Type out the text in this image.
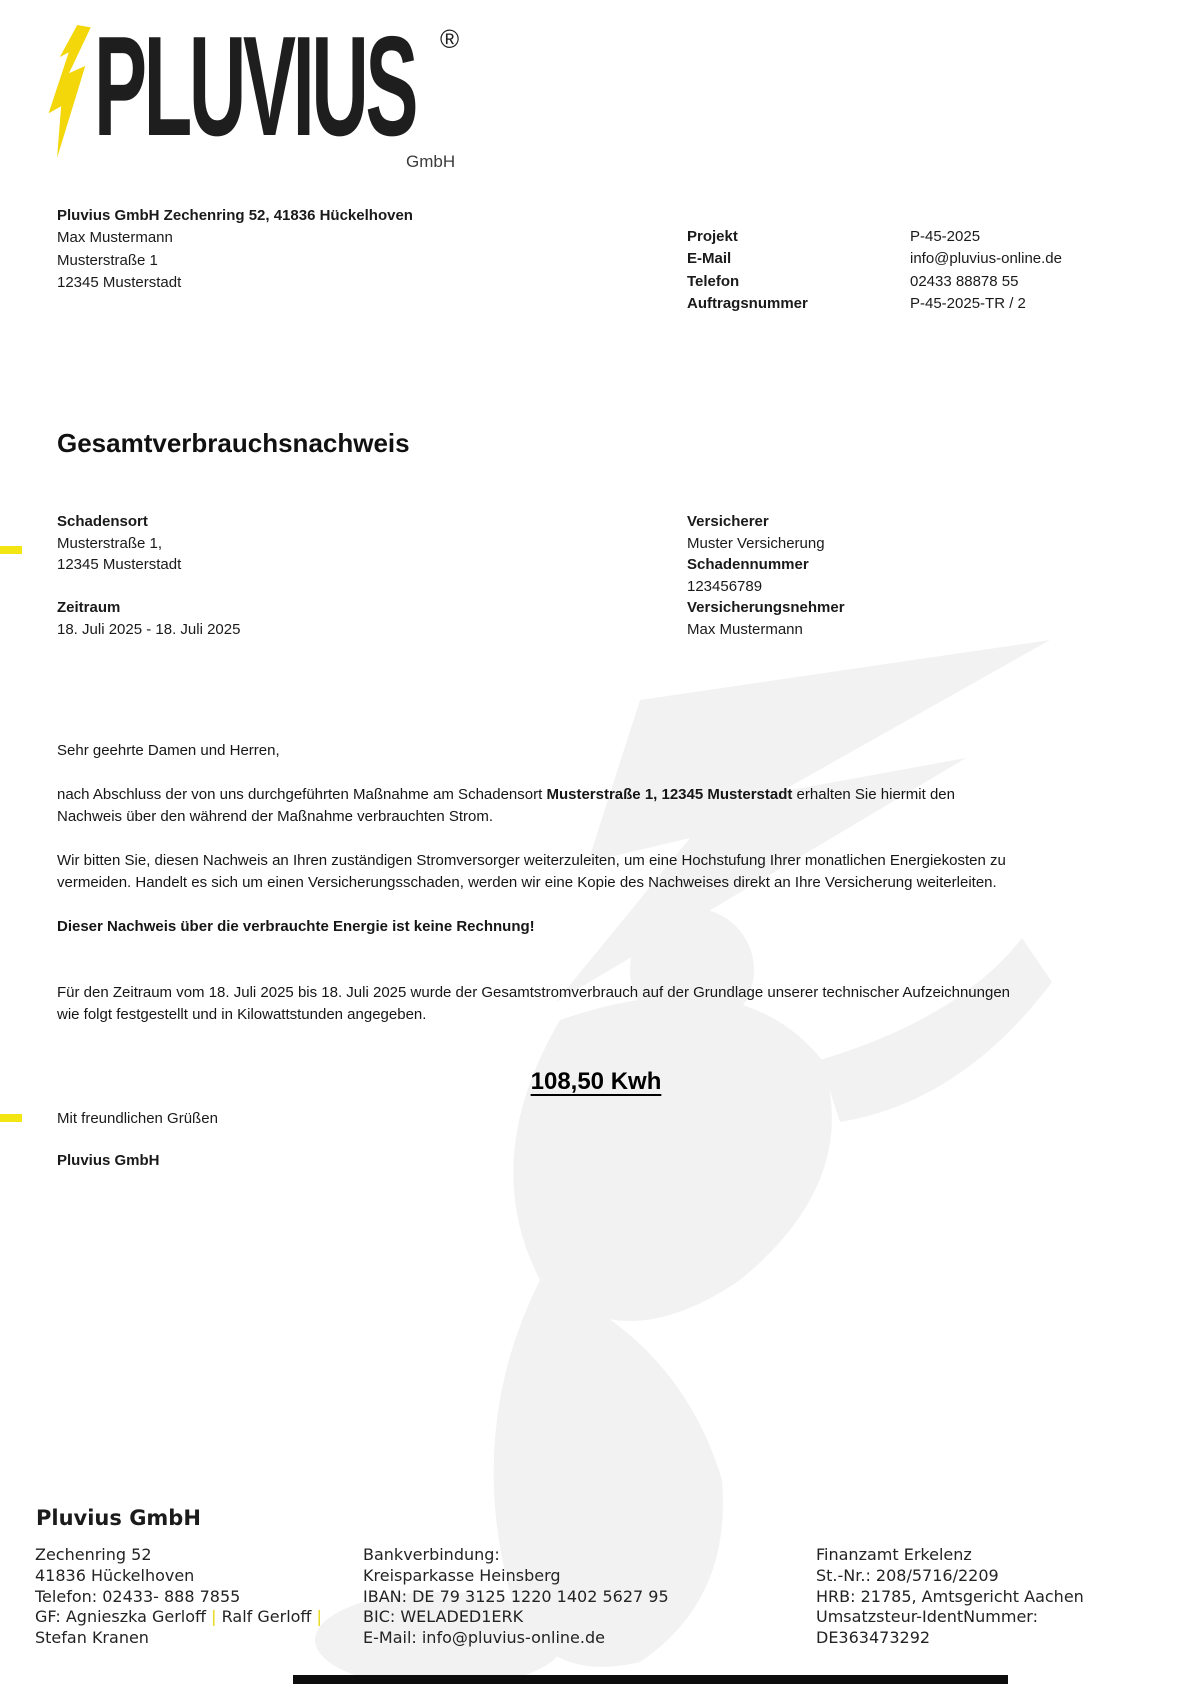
PLUVIUS ®
GmbH
Pluvius GmbH Zechenring 52, 41836 Hückelhoven
Max Mustermann
Musterstraße 1
12345 Musterstadt
Projekt	P-45-2025
E-Mail	info@pluvius-online.de
Telefon	02433 88878 55
Auftragsnummer	P-45-2025-TR / 2
Gesamtverbrauchsnachweis
Schadensort
Musterstraße 1,
12345 Musterstadt
Zeitraum
18. Juli 2025 - 18. Juli 2025
Versicherer
Muster Versicherung
Schadennummer
123456789
Versicherungsnehmer
Max Mustermann
Sehr geehrte Damen und Herren,
nach Abschluss der von uns durchgeführten Maßnahme am Schadensort Musterstraße 1, 12345 Musterstadt erhalten Sie hiermit den Nachweis über den während der Maßnahme verbrauchten Strom.
Wir bitten Sie, diesen Nachweis an Ihren zuständigen Stromversorger weiterzuleiten, um eine Hochstufung Ihrer monatlichen Energiekosten zu vermeiden. Handelt es sich um einen Versicherungsschaden, werden wir eine Kopie des Nachweises direkt an Ihre Versicherung weiterleiten.
Dieser Nachweis über die verbrauchte Energie ist keine Rechnung!
Für den Zeitraum vom 18. Juli 2025 bis 18. Juli 2025 wurde der Gesamtstromverbrauch auf der Grundlage unserer technischer Aufzeichnungen wie folgt festgestellt und in Kilowattstunden angegeben.
108,50 Kwh
Mit freundlichen Grüßen
Pluvius GmbH
Pluvius GmbH
Zechenring 52
41836 Hückelhoven
Telefon: 02433- 888 7855
GF: Agnieszka Gerloff | Ralf Gerloff |
Stefan Kranen
Bankverbindung:
Kreisparkasse Heinsberg
IBAN: DE 79 3125 1220 1402 5627 95
BIC: WELADED1ERK
E-Mail: info@pluvius-online.de
Finanzamt Erkelenz
St.-Nr.: 208/5716/2209
HRB: 21785, Amtsgericht Aachen
Umsatzsteur-IdentNummer:
DE363473292
